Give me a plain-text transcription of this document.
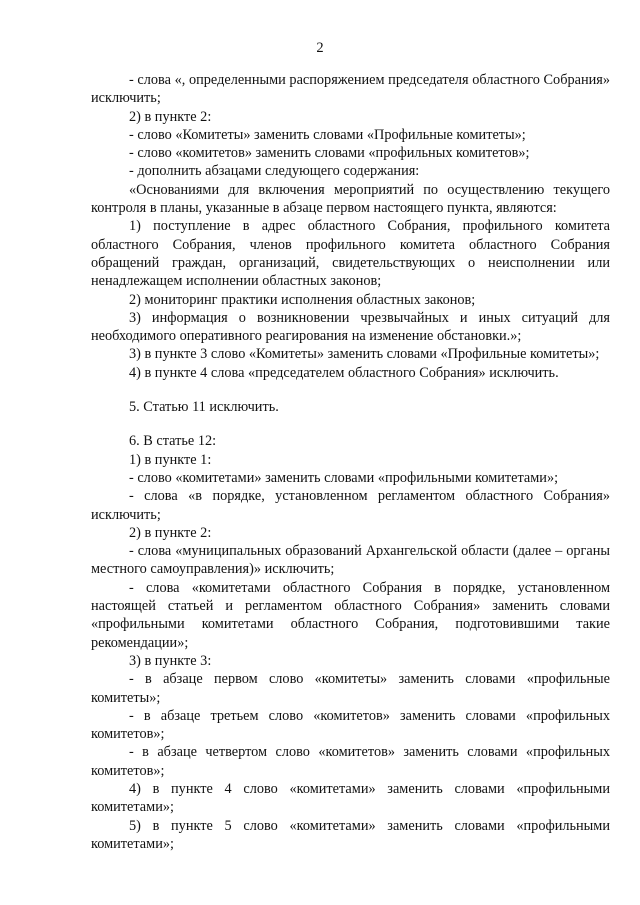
2

- слова «, определенными распоряжением председателя областного Собрания» исключить;

2) в пункте 2:

- слово «Комитеты» заменить словами «Профильные комитеты»;

- слово «комитетов» заменить словами «профильных комитетов»;

- дополнить абзацами следующего содержания:

«Основаниями для включения мероприятий по осуществлению текущего контроля в планы, указанные в абзаце первом настоящего пункта, являются:

1) поступление в адрес областного Собрания, профильного комитета областного Собрания, членов профильного комитета областного Собрания обращений граждан, организаций, свидетельствующих о неисполнении или ненадлежащем исполнении областных законов;

2) мониторинг практики исполнения областных законов;

3) информация о возникновении чрезвычайных и иных ситуаций для необходимого оперативного реагирования на изменение обстановки.»;

3) в пункте 3 слово «Комитеты» заменить словами «Профильные комитеты»;

4) в пункте 4 слова «председателем областного Собрания» исключить.

5. Статью 11 исключить.

6. В статье 12:

1) в пункте 1:

- слово «комитетами» заменить словами «профильными комитетами»;

- слова «в порядке, установленном регламентом областного Собрания» исключить;

2) в пункте 2:

- слова «муниципальных образований Архангельской области (далее – органы местного самоуправления)» исключить;

- слова «комитетами областного Собрания в порядке, установленном настоящей статьей и регламентом областного Собрания» заменить словами «профильными комитетами областного Собрания, подготовившими такие рекомендации»;

3) в пункте 3:

- в абзаце первом слово «комитеты» заменить словами «профильные комитеты»;

- в абзаце третьем слово «комитетов» заменить словами «профильных комитетов»;

- в абзаце четвертом слово «комитетов» заменить словами «профильных комитетов»;

4) в пункте 4 слово «комитетами» заменить словами «профильными комитетами»;

5) в пункте 5 слово «комитетами» заменить словами «профильными комитетами»;
